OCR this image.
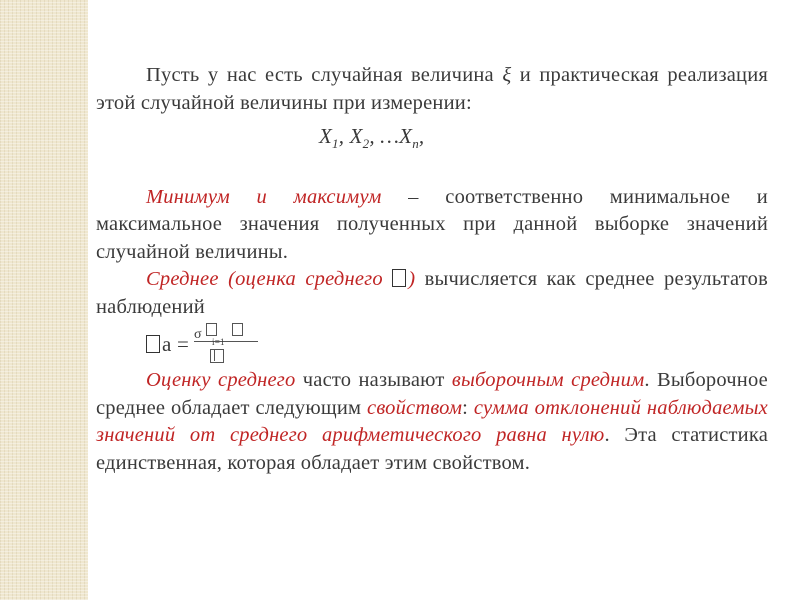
Пусть у нас есть случайная величина ξ и практическая реализация этой случайной величины при измерении:

$X_1$, $X_2$, $\dots X_n$,

Минимум и максимум – соответственно минимальное и максимальное значения полученных при данной выборке значений случайной величины.

Среднее (оценка среднего ) вычисляется как среднее результатов наблюдений

a = σ i=1

Оценку среднего часто называют выборочным средним. Выборочное среднее обладает следующим свойством: сумма отклонений наблюдаемых значений от среднего арифметического равна нулю. Эта статистика единственная, которая обладает этим свойством.
